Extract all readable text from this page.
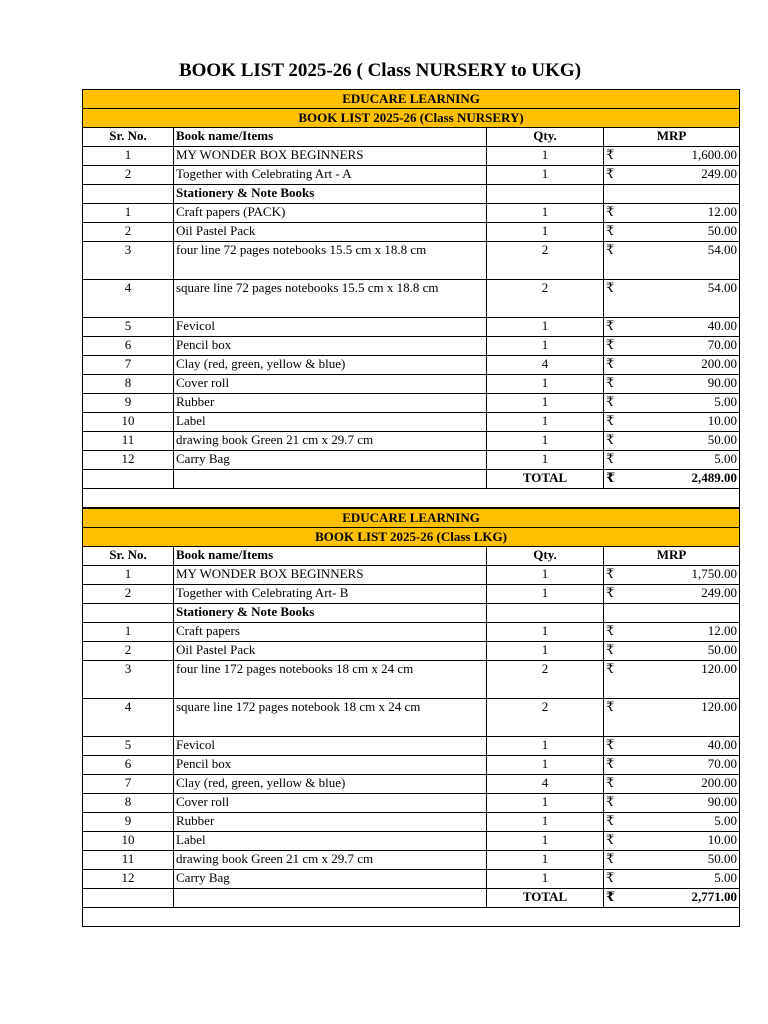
BOOK LIST 2025-26 ( Class NURSERY to UKG)
EDUCARE LEARNING			
BOOK LIST 2025-26 (Class NURSERY)			
Sr. No.	Book name/Items	Qty.	MRP
1	MY WONDER BOX BEGINNERS	1	₹ 1,600.00

2	Together with Celebrating Art - A	1	₹ 249.00

	Stationery & Note Books		
1	Craft papers (PACK)	1	₹ 12.00

2	Oil Pastel Pack	1	₹ 50.00

3	four line 72 pages notebooks 15.5 cm x 18.8 cm	2	₹ 54.00

4	square line 72 pages notebooks 15.5 cm x 18.8 cm	2	₹ 54.00

5	Fevicol	1	₹ 40.00

6	Pencil box	1	₹ 70.00

7	Clay (red, green, yellow & blue)	4	₹ 200.00

8	Cover roll	1	₹ 90.00

9	Rubber	1	₹ 5.00

10	Label	1	₹ 10.00

11	drawing book Green 21 cm x 29.7 cm	1	₹ 50.00

12	Carry Bag	1	₹ 5.00

		TOTAL	₹ 2,489.00

EDUCARE LEARNING			
BOOK LIST 2025-26 (Class LKG)			
Sr. No.	Book name/Items	Qty.	MRP
1	MY WONDER BOX BEGINNERS	1	₹ 1,750.00

2	Together with Celebrating Art- B	1	₹ 249.00

	Stationery & Note Books		
1	Craft papers	1	₹ 12.00

2	Oil Pastel Pack	1	₹ 50.00

3	four line 172 pages notebooks 18 cm x 24 cm	2	₹ 120.00

4	square line 172 pages notebook 18 cm x 24 cm	2	₹ 120.00

5	Fevicol	1	₹ 40.00

6	Pencil box	1	₹ 70.00

7	Clay (red, green, yellow & blue)	4	₹ 200.00

8	Cover roll	1	₹ 90.00

9	Rubber	1	₹ 5.00

10	Label	1	₹ 10.00

11	drawing book Green 21 cm x 29.7 cm	1	₹ 50.00

12	Carry Bag	1	₹ 5.00

		TOTAL	₹ 2,771.00
